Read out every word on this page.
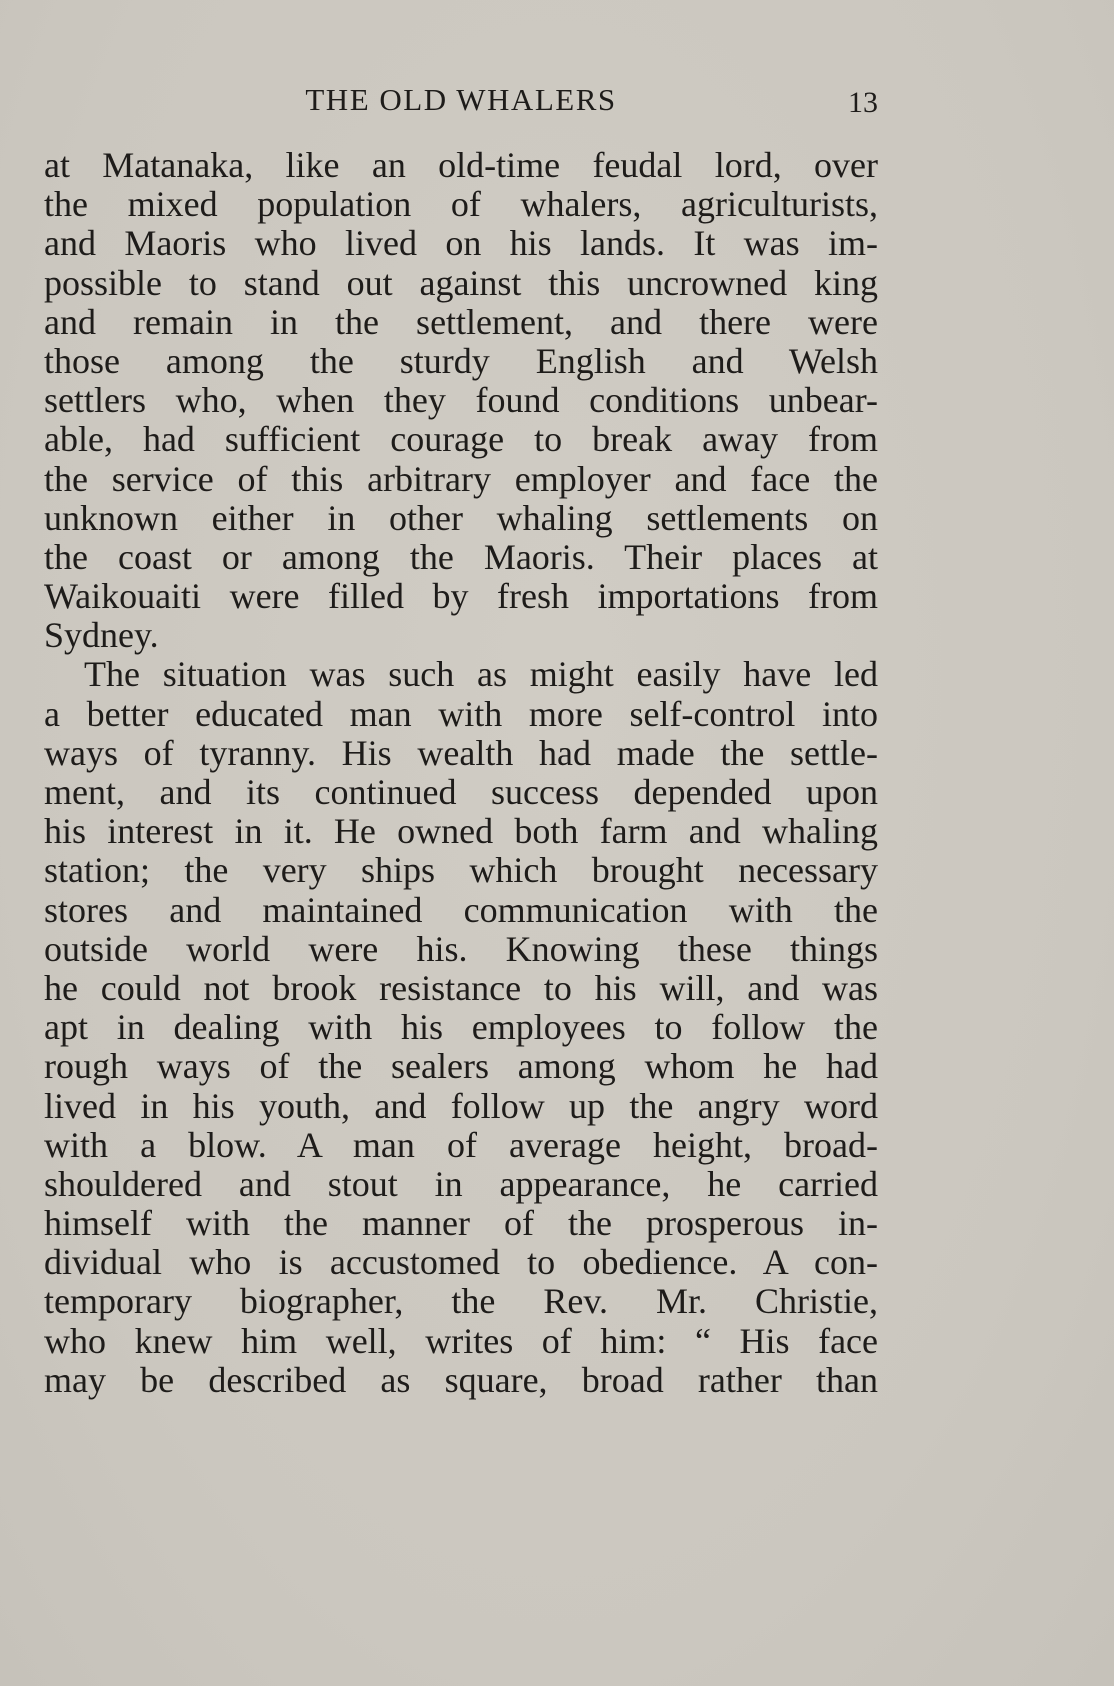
THE OLD WHALERS	13
at Matanaka, like an old-time feudal lord, over
the mixed population of whalers, agriculturists,
and Maoris who lived on his lands. It was im-
possible to stand out against this uncrowned king
and remain in the settlement, and there were
those among the sturdy English and Welsh
settlers who, when they found conditions unbear-
able, had sufficient courage to break away from
the service of this arbitrary employer and face the
unknown either in other whaling settlements on
the coast or among the Maoris. Their places at
Waikouaiti were filled by fresh importations from
Sydney.
The situation was such as might easily have led
a better educated man with more self-control into
ways of tyranny. His wealth had made the settle-
ment, and its continued success depended upon
his interest in it. He owned both farm and whaling
station; the very ships which brought necessary
stores and maintained communication with the
outside world were his. Knowing these things
he could not brook resistance to his will, and was
apt in dealing with his employees to follow the
rough ways of the sealers among whom he had
lived in his youth, and follow up the angry word
with a blow. A man of average height, broad-
shouldered and stout in appearance, he carried
himself with the manner of the prosperous in-
dividual who is accustomed to obedience. A con-
temporary biographer, the Rev. Mr. Christie,
who knew him well, writes of him: “ His face
may be described as square, broad rather than
